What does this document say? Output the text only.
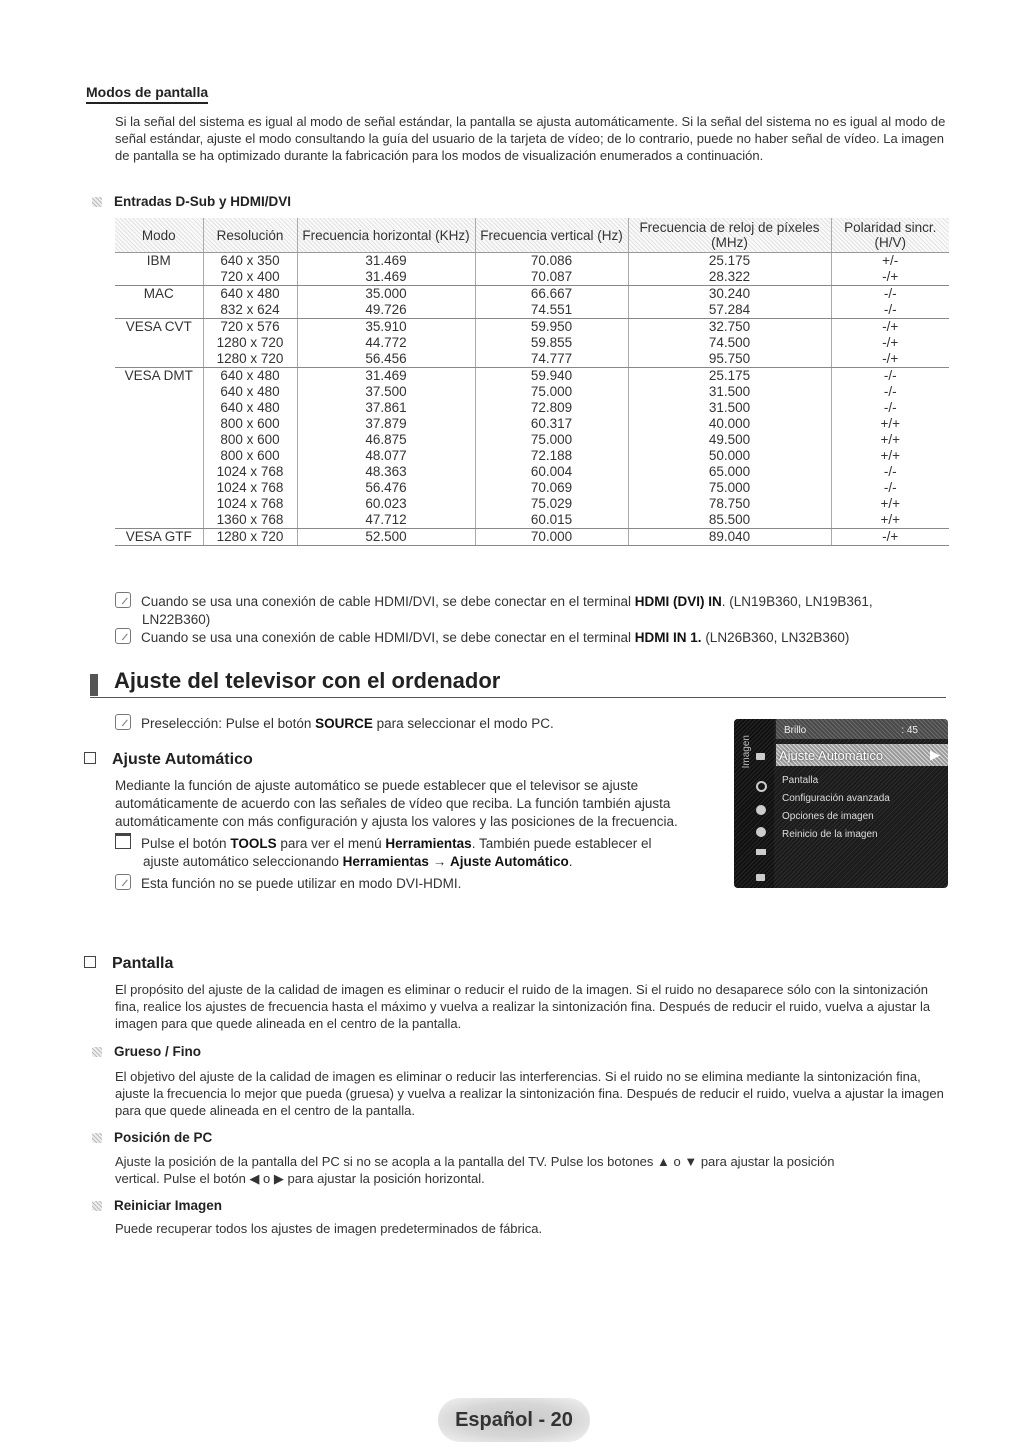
Modos de pantalla
Si la señal del sistema es igual al modo de señal estándar, la pantalla se ajusta automáticamente. Si la señal del sistema no es igual al modo de señal estándar, ajuste el modo consultando la guía del usuario de la tarjeta de vídeo; de lo contrario, puede no haber señal de vídeo. La imagen de pantalla se ha optimizado durante la fabricación para los modos de visualización enumerados a continuación.
Entradas D-Sub y HDMI/DVI
Modo	Resolución	Frecuencia horizontal (KHz)	Frecuencia vertical (Hz)	Frecuencia de reloj de píxeles (MHz)	Polaridad sincr. (H/V)
IBM	640 x 350	31.469	70.086	25.175	+/-
	720 x 400	31.469	70.087	28.322	-/+
MAC	640 x 480	35.000	66.667	30.240	-/-
	832 x 624	49.726	74.551	57.284	-/-
VESA CVT	720 x 576	35.910	59.950	32.750	-/+
	1280 x 720	44.772	59.855	74.500	-/+
	1280 x 720	56.456	74.777	95.750	-/+
VESA DMT	640 x 480	31.469	59.940	25.175	-/-
	640 x 480	37.500	75.000	31.500	-/-
	640 x 480	37.861	72.809	31.500	-/-
	800 x 600	37.879	60.317	40.000	+/+
	800 x 600	46.875	75.000	49.500	+/+
	800 x 600	48.077	72.188	50.000	+/+
	1024 x 768	48.363	60.004	65.000	-/-
	1024 x 768	56.476	70.069	75.000	-/-
	1024 x 768	60.023	75.029	78.750	+/+
	1360 x 768	47.712	60.015	85.500	+/+
VESA GTF	1280 x 720	52.500	70.000	89.040	-/+
Cuando se usa una conexión de cable HDMI/DVI, se debe conectar en el terminal HDMI (DVI) IN. (LN19B360, LN19B361,
LN22B360)
Cuando se usa una conexión de cable HDMI/DVI, se debe conectar en el terminal HDMI IN 1. (LN26B360, LN32B360)
Ajuste del televisor con el ordenador
Preselección: Pulse el botón SOURCE para seleccionar el modo PC.
Ajuste Automático
Mediante la función de ajuste automático se puede establecer que el televisor se ajuste
automáticamente de acuerdo con las señales de vídeo que reciba. La función también ajusta
automáticamente con más configuración y ajusta los valores y las posiciones de la frecuencia.
Pulse el botón TOOLS para ver el menú Herramientas. También puede establecer el
ajuste automático seleccionando Herramientas → Ajuste Automático.
Esta función no se puede utilizar en modo DVI-HDMI.
Imagen
Brillo	: 45
Ajuste Automático	▶
Pantalla
Configuración avanzada
Opciones de imagen
Reinicio de la imagen
Pantalla
El propósito del ajuste de la calidad de imagen es eliminar o reducir el ruido de la imagen. Si el ruido no desaparece sólo con la sintonización fina, realice los ajustes de frecuencia hasta el máximo y vuelva a realizar la sintonización fina. Después de reducir el ruido, vuelva a ajustar la imagen para que quede alineada en el centro de la pantalla.
Grueso / Fino
El objetivo del ajuste de la calidad de imagen es eliminar o reducir las interferencias. Si el ruido no se elimina mediante la sintonización fina, ajuste la frecuencia lo mejor que pueda (gruesa) y vuelva a realizar la sintonización fina. Después de reducir el ruido, vuelva a ajustar la imagen para que quede alineada en el centro de la pantalla.
Posición de PC
Ajuste la posición de la pantalla del PC si no se acopla a la pantalla del TV. Pulse los botones ▲ o ▼ para ajustar la posición
vertical. Pulse el botón ◀ o ▶ para ajustar la posición horizontal.
Reiniciar Imagen
Puede recuperar todos los ajustes de imagen predeterminados de fábrica.
Español - 20
